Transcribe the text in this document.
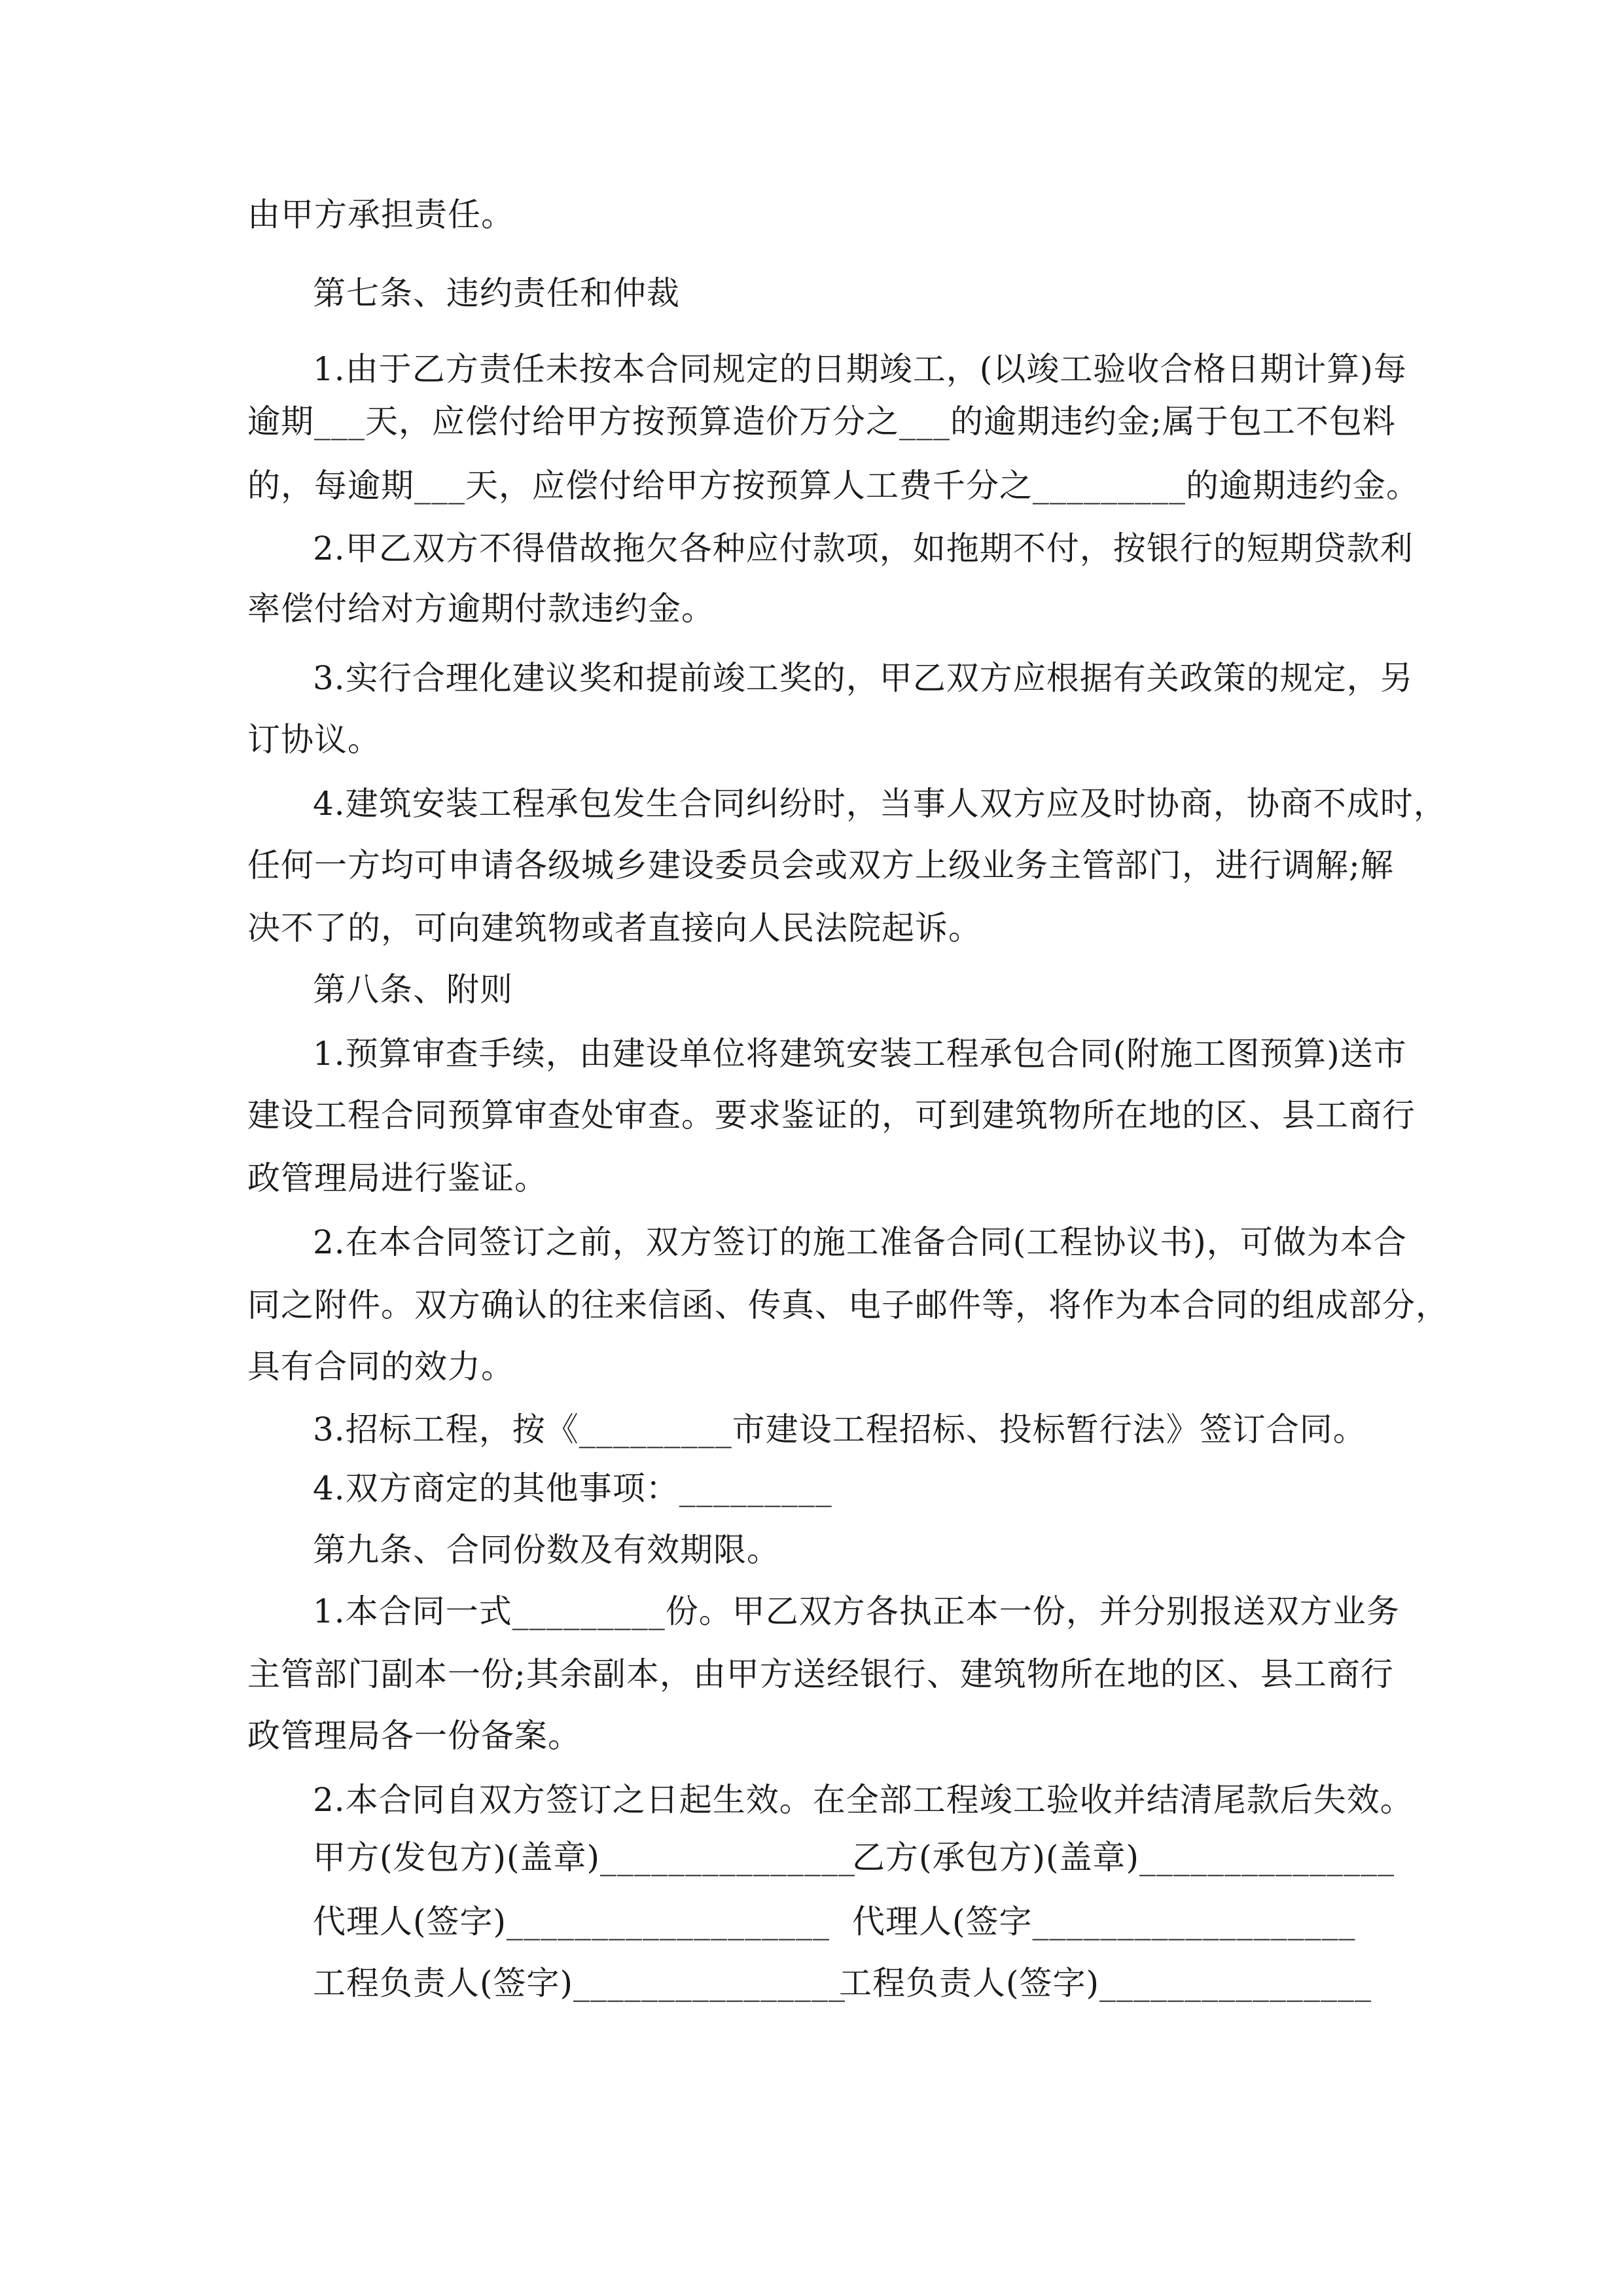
由甲方承担责任。
第七条、违约责任和仲裁
1.由于乙方责任未按本合同规定的日期竣工，(以竣工验收合格日期计算)每
逾期___天，应偿付给甲方按预算造价万分之___的逾期违约金;属于包工不包料
的，每逾期___天，应偿付给甲方按预算人工费千分之_________的逾期违约金。
2.甲乙双方不得借故拖欠各种应付款项，如拖期不付，按银行的短期贷款利
率偿付给对方逾期付款违约金。
3.实行合理化建议奖和提前竣工奖的，甲乙双方应根据有关政策的规定，另
订协议。
4.建筑安装工程承包发生合同纠纷时，当事人双方应及时协商，协商不成时，
任何一方均可申请各级城乡建设委员会或双方上级业务主管部门，进行调解;解
决不了的，可向建筑物或者直接向人民法院起诉。
第八条、附则
1.预算审查手续，由建设单位将建筑安装工程承包合同(附施工图预算)送市
建设工程合同预算审查处审查。要求鉴证的，可到建筑物所在地的区、县工商行
政管理局进行鉴证。
2.在本合同签订之前，双方签订的施工准备合同(工程协议书)，可做为本合
同之附件。双方确认的往来信函、传真、电子邮件等，将作为本合同的组成部分，
具有合同的效力。
3.招标工程，按《_________市建设工程招标、投标暂行法》签订合同。
4.双方商定的其他事项：_________
第九条、合同份数及有效期限。
1.本合同一式_________份。甲乙双方各执正本一份，并分别报送双方业务
主管部门副本一份;其余副本，由甲方送经银行、建筑物所在地的区、县工商行
政管理局各一份备案。
2.本合同自双方签订之日起生效。在全部工程竣工验收并结清尾款后失效。
甲方(发包方)(盖章)_______________乙方(承包方)(盖章)_______________
代理人(签字)___________________ 代理人(签字___________________
工程负责人(签字)________________工程负责人(签字)________________
